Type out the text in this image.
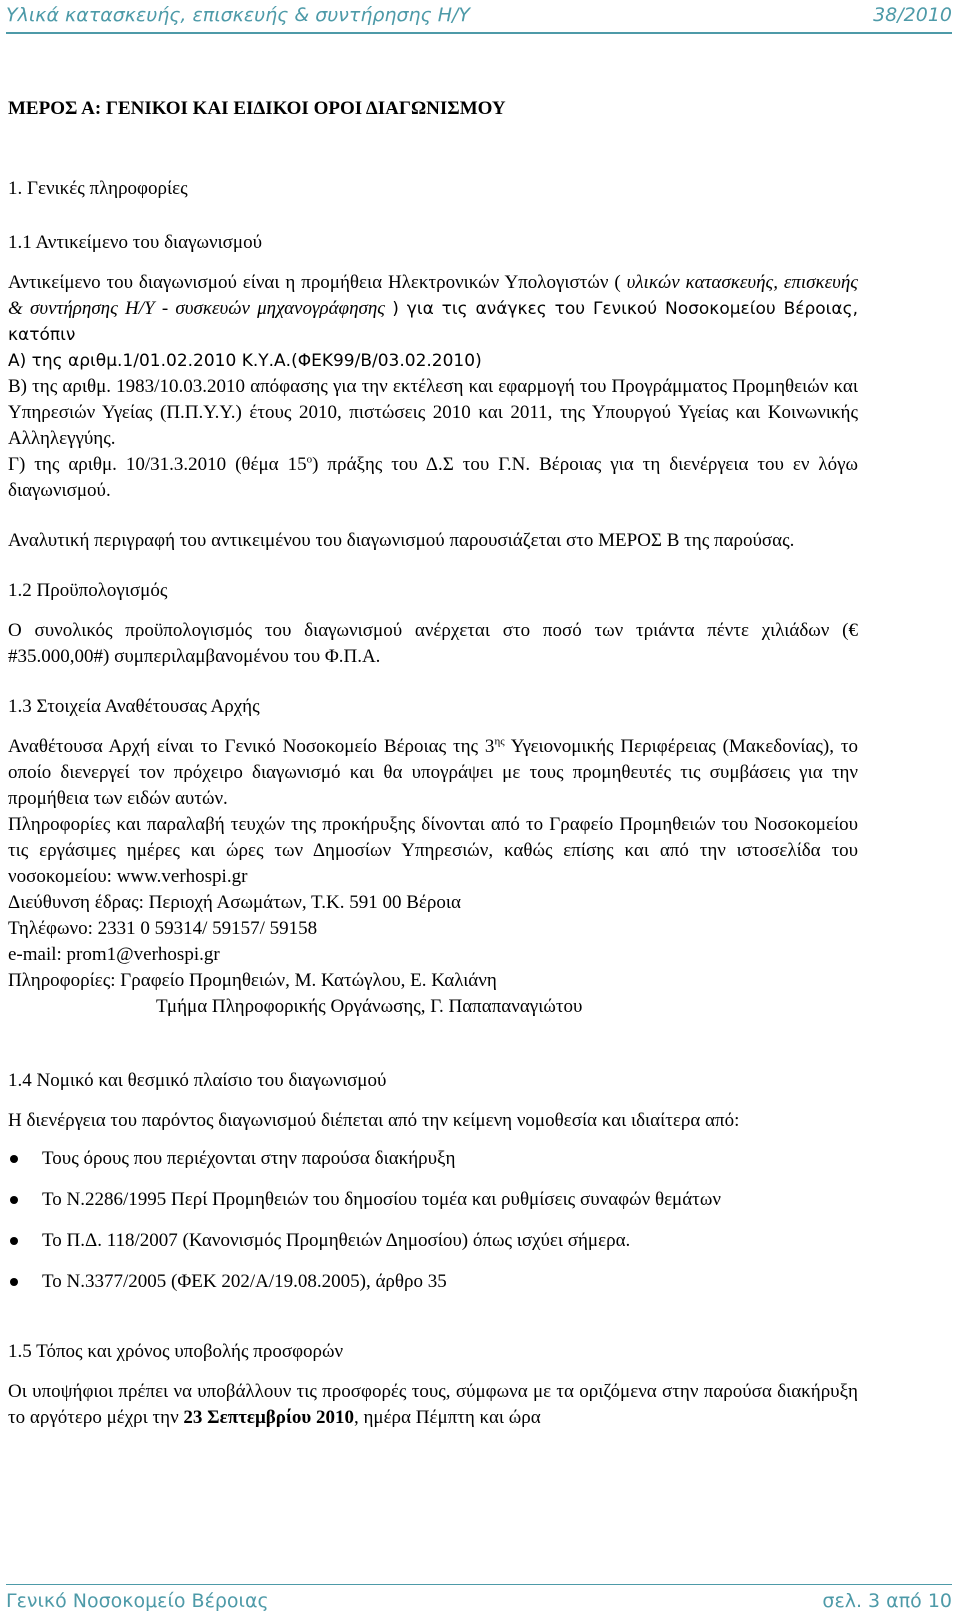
Υλικά κατασκευής, επισκευής & συντήρησης Η/Υ	38/2010

ΜΕΡΟΣ Α: ΓΕΝΙΚΟΙ ΚΑΙ ΕΙΔΙΚΟΙ ΟΡΟΙ ΔΙΑΓΩΝΙΣΜΟΥ

1. Γενικές πληροφορίες

1.1 Αντικείμενο του διαγωνισμού

Αντικείμενο του διαγωνισμού είναι η προμήθεια Ηλεκτρονικών Υπολογιστών ( υλικών κατασκευής, επισκευής & συντήρησης Η/Υ - συσκευών μηχανογράφησης ) για τις ανάγκες του Γενικού Νοσοκομείου Βέροιας, κατόπιν

Α) της αριθμ.1/01.02.2010 Κ.Υ.Α.(ΦΕΚ99/Β/03.02.2010)

Β) της αριθμ. 1983/10.03.2010 απόφασης για την εκτέλεση και εφαρμογή του Προγράμματος Προμηθειών και Υπηρεσιών Υγείας (Π.Π.Υ.Υ.) έτους 2010, πιστώσεις 2010 και 2011, της Υπουργού Υγείας και Κοινωνικής Αλληλεγγύης.

Γ) της αριθμ. 10/31.3.2010 (θέμα $15^o$) πράξης του Δ.Σ του Γ.Ν. Βέροιας για τη διενέργεια του εν λόγω διαγωνισμού.

Αναλυτική περιγραφή του αντικειμένου του διαγωνισμού παρουσιάζεται στο ΜΕΡΟΣ Β της παρούσας.

1.2 Προϋπολογισμός

Ο συνολικός προϋπολογισμός του διαγωνισμού ανέρχεται στο ποσό των τριάντα πέντε χιλιάδων (€ #35.000,00#) συμπεριλαμβανομένου του Φ.Π.Α.

1.3 Στοιχεία Αναθέτουσας Αρχής

Αναθέτουσα Αρχή είναι το Γενικό Νοσοκομείο Βέροιας της $3^{\eta\varsigma}$ Υγειονομικής Περιφέρειας (Μακεδονίας), το οποίο διενεργεί τον πρόχειρο διαγωνισμό και θα υπογράψει με τους προμηθευτές τις συμβάσεις για την προμήθεια των ειδών αυτών.

Πληροφορίες και παραλαβή τευχών της προκήρυξης δίνονται από το Γραφείο Προμηθειών του Νοσοκομείου τις εργάσιμες ημέρες και ώρες των Δημοσίων Υπηρεσιών, καθώς επίσης και από την ιστοσελίδα του νοσοκομείου: www.verhospi.gr

Διεύθυνση έδρας: Περιοχή Ασωμάτων, Τ.Κ. 591 00 Βέροια

Τηλέφωνο: 2331 0 59314/ 59157/ 59158

e-mail: prom1@verhospi.gr

Πληροφορίες: Γραφείο Προμηθειών, Μ. Κατώγλου, Ε. Καλιάνη

Τμήμα Πληροφορικής Οργάνωσης, Γ. Παπαπαναγιώτου

1.4 Νομικό και θεσμικό πλαίσιο του διαγωνισμού

Η διενέργεια του παρόντος διαγωνισμού διέπεται από την κείμενη νομοθεσία και ιδιαίτερα από:

Τους όρους που περιέχονται στην παρούσα διακήρυξη
Το Ν.2286/1995 Περί Προμηθειών του δημοσίου τομέα και ρυθμίσεις συναφών θεμάτων
Το Π.Δ. 118/2007 (Κανονισμός Προμηθειών Δημοσίου) όπως ισχύει σήμερα.
Το Ν.3377/2005 (ΦΕΚ 202/Α/19.08.2005), άρθρο 35

1.5 Τόπος και χρόνος υποβολής προσφορών

Οι υποψήφιοι πρέπει να υποβάλλουν τις προσφορές τους, σύμφωνα με τα οριζόμενα στην παρούσα διακήρυξη το αργότερο μέχρι την 23 Σεπτεμβρίου 2010, ημέρα Πέμπτη και ώρα

Γενικό Νοσοκομείο Βέροιας	σελ. 3 από 10
